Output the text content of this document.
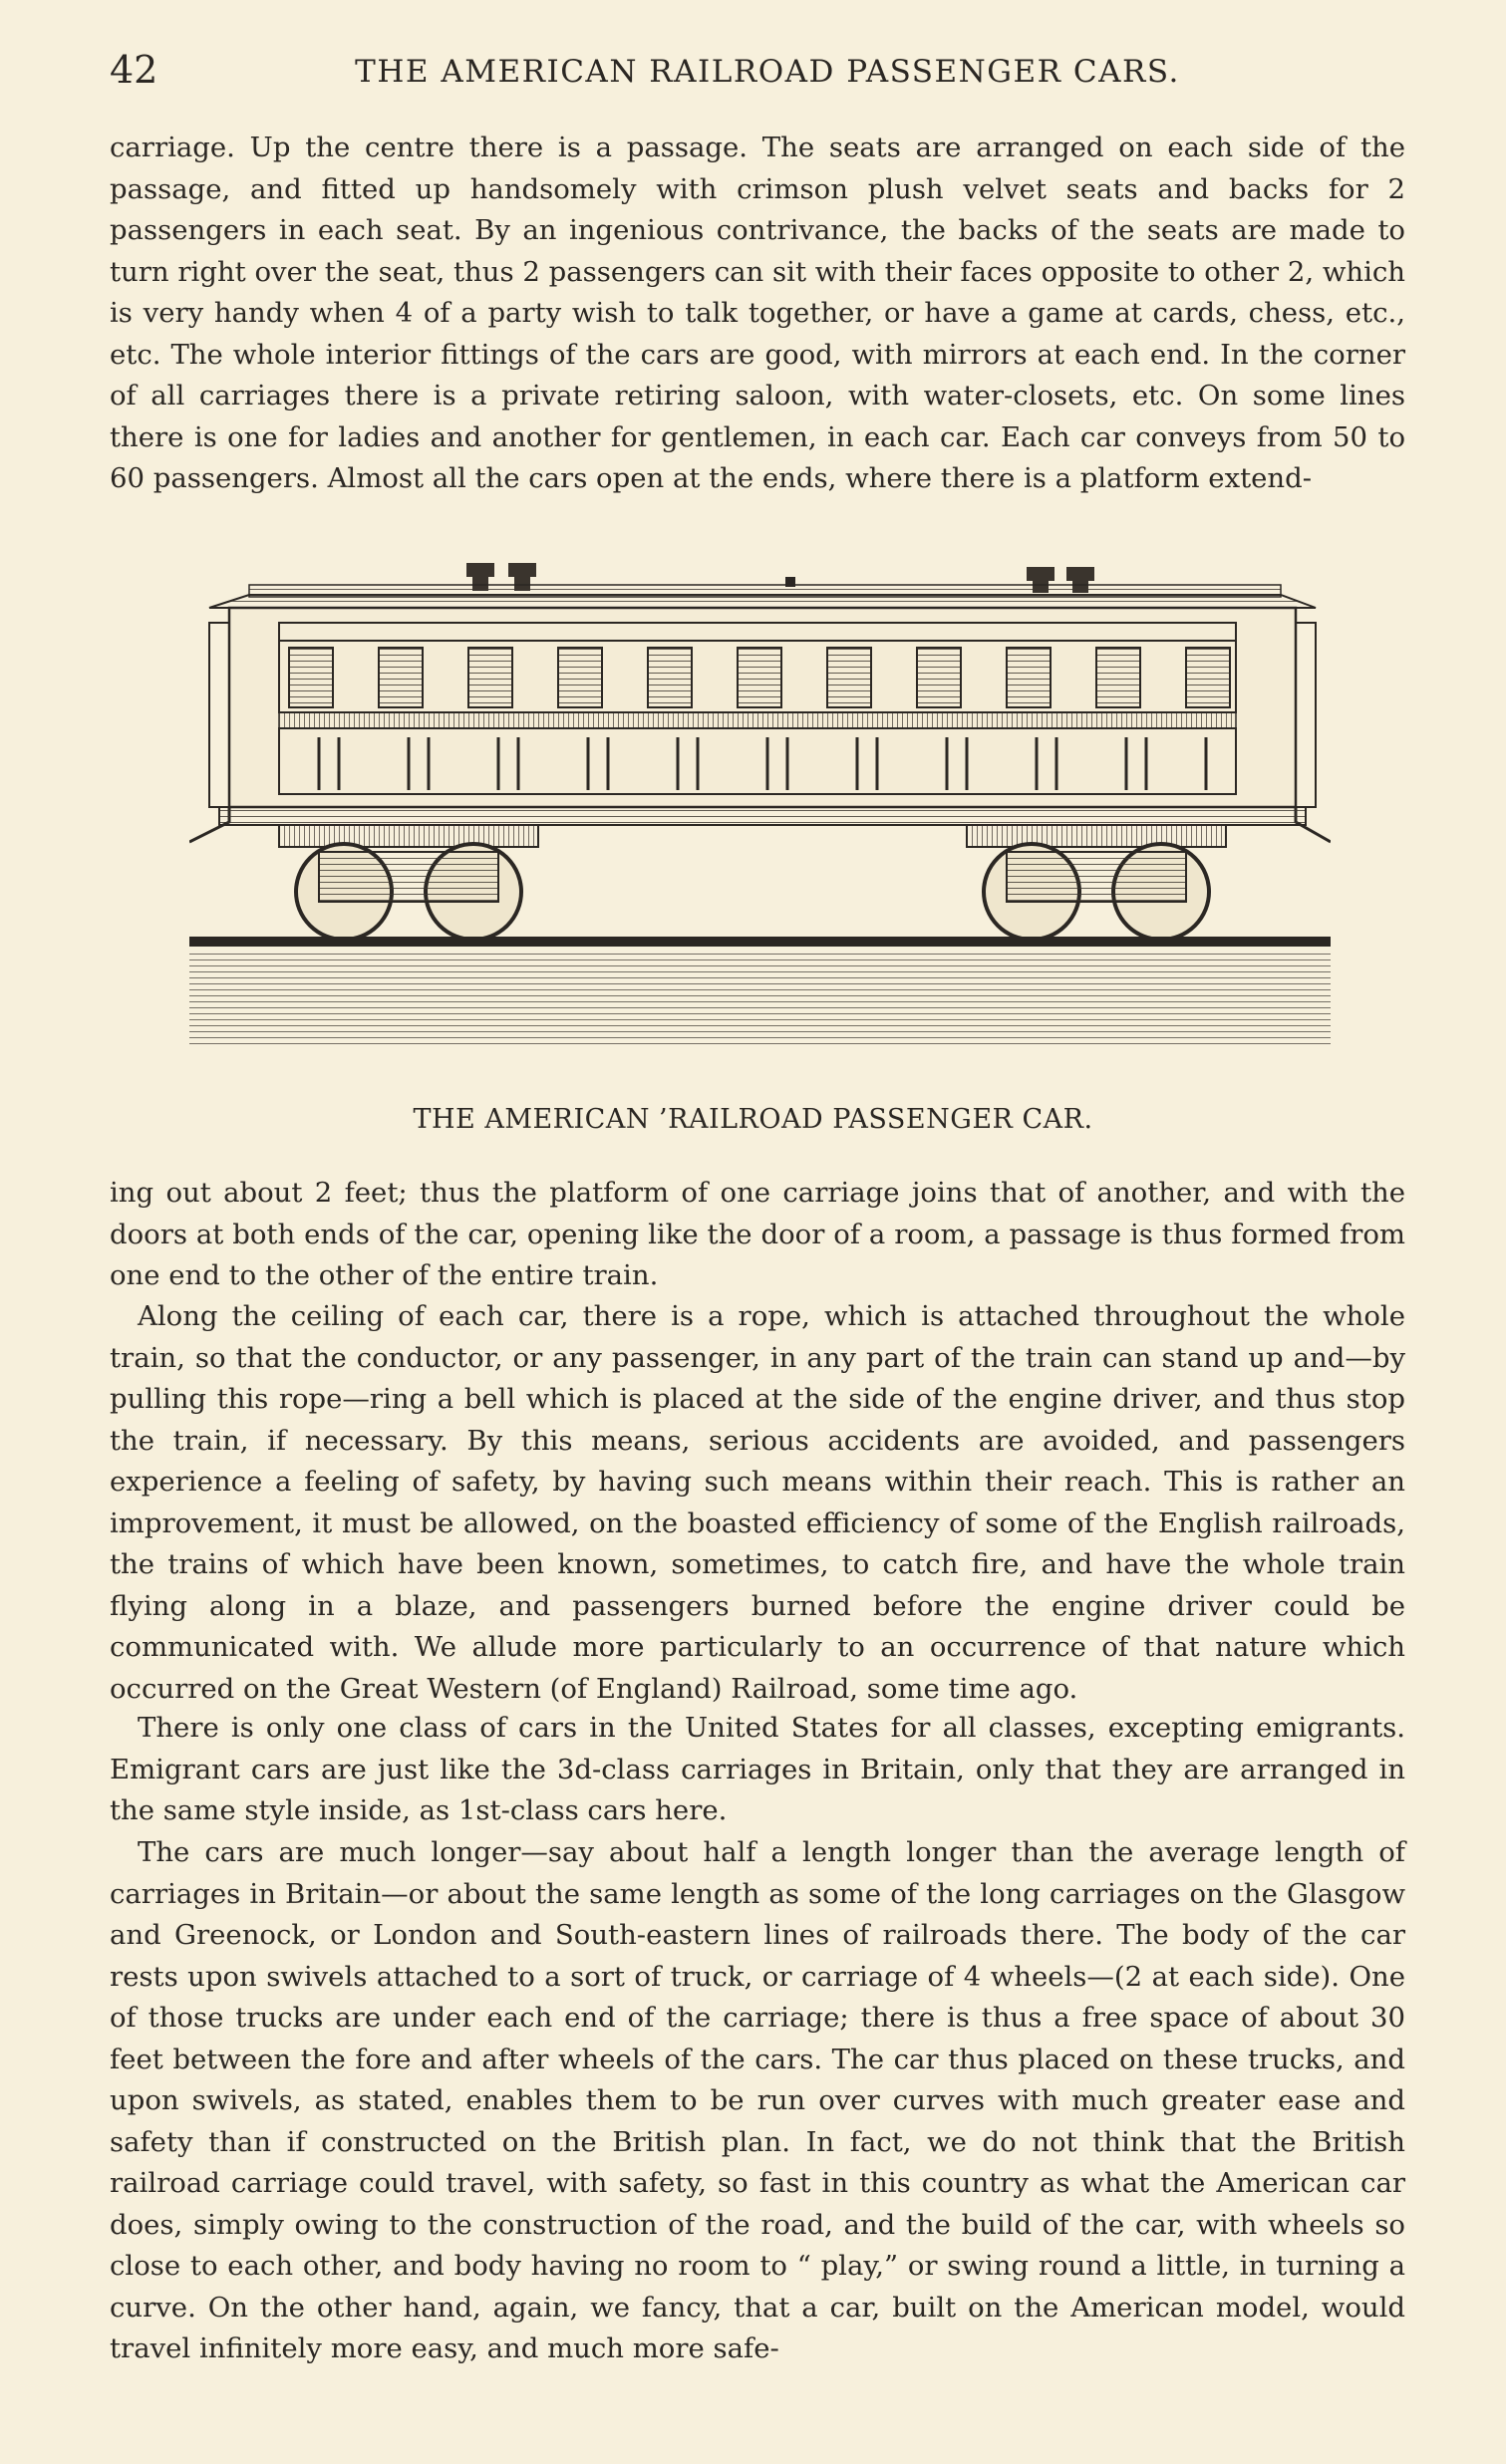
42	THE AMERICAN RAILROAD PASSENGER CARS.

carriage. Up the centre there is a passage. The seats are arranged on each side of the passage, and fitted up handsomely with crimson plush velvet seats and backs for 2 passengers in each seat. By an ingenious contrivance, the backs of the seats are made to turn right over the seat, thus 2 passengers can sit with their faces opposite to other 2, which is very handy when 4 of a party wish to talk together, or have a game at cards, chess, etc., etc. The whole interior fittings of the cars are good, with mirrors at each end. In the corner of all carriages there is a private retiring saloon, with water-closets, etc. On some lines there is one for ladies and another for gentlemen, in each car. Each car conveys from 50 to 60 passengers. Almost all the cars open at the ends, where there is a platform extend-

THE AMERICAN ’RAILROAD PASSENGER CAR.

ing out about 2 feet; thus the platform of one carriage joins that of another, and with the doors at both ends of the car, opening like the door of a room, a passage is thus formed from one end to the other of the entire train.

Along the ceiling of each car, there is a rope, which is attached throughout the whole train, so that the conductor, or any passenger, in any part of the train can stand up and—by pulling this rope—ring a bell which is placed at the side of the engine driver, and thus stop the train, if necessary. By this means, serious accidents are avoided, and passengers experience a feeling of safety, by having such means within their reach. This is rather an improvement, it must be allowed, on the boasted efficiency of some of the English railroads, the trains of which have been known, sometimes, to catch fire, and have the whole train flying along in a blaze, and passengers burned before the engine driver could be communicated with. We allude more particularly to an occurrence of that nature which occurred on the Great Western (of England) Railroad, some time ago.

There is only one class of cars in the United States for all classes, excepting emigrants. Emigrant cars are just like the 3d-class carriages in Britain, only that they are arranged in the same style inside, as 1st-class cars here.

The cars are much longer—say about half a length longer than the average length of carriages in Britain—or about the same length as some of the long carriages on the Glasgow and Greenock, or London and South-eastern lines of railroads there. The body of the car rests upon swivels attached to a sort of truck, or carriage of 4 wheels—(2 at each side). One of those trucks are under each end of the carriage; there is thus a free space of about 30 feet between the fore and after wheels of the cars. The car thus placed on these trucks, and upon swivels, as stated, enables them to be run over curves with much greater ease and safety than if constructed on the British plan. In fact, we do not think that the British railroad carriage could travel, with safety, so fast in this country as what the American car does, simply owing to the construction of the road, and the build of the car, with wheels so close to each other, and body having no room to “ play,” or swing round a little, in turning a curve. On the other hand, again, we fancy, that a car, built on the American model, would travel infinitely more easy, and much more safe-
